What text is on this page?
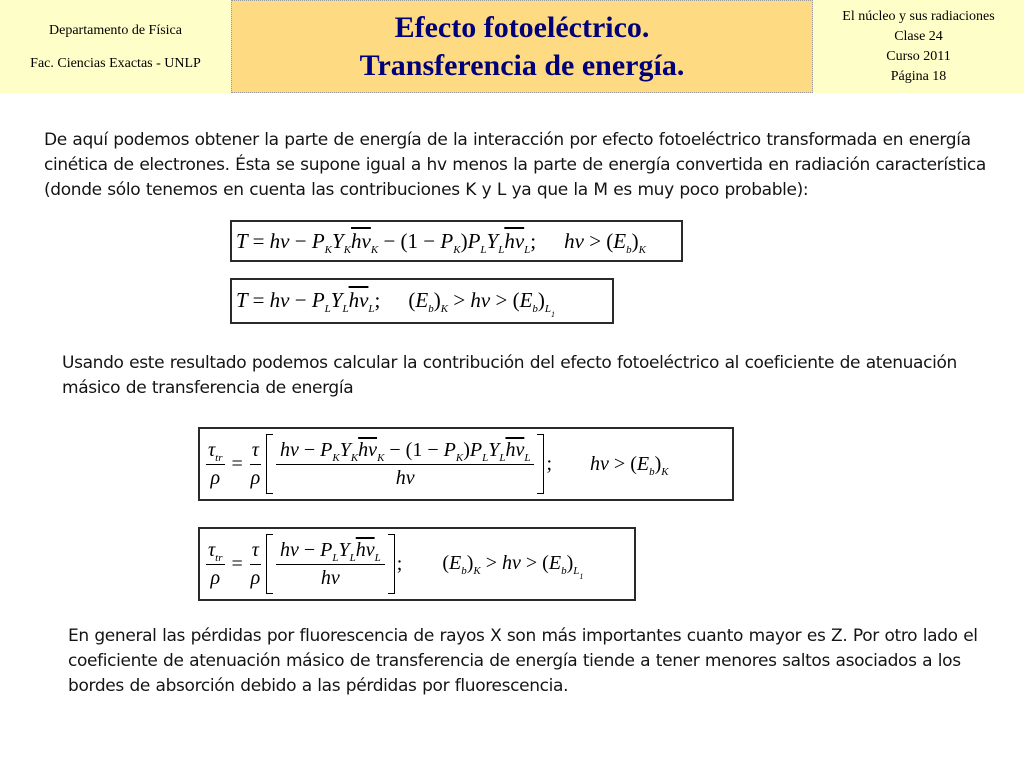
Departamento de Física
Fac. Ciencias Exactas - UNLP
Efecto fotoeléctrico.
Transferencia de energía.
El núcleo y sus radiaciones
Clase 24
Curso 2011
Página 18
De aquí podemos obtener la parte de energía de la interacción por efecto fotoeléctrico transformada en energía cinética de electrones. Ésta se supone igual a hv menos la parte de energía convertida en radiación característica (donde sólo tenemos en cuenta las contribuciones K y L ya que la M es muy poco probable):
T = hv − $P_KY_K\overline{hv}_K - (1 - P_K)P_LY_L\overline{hv}_L$; hv > $(E_b)_K$
T = hv − $P_LY_L\overline{hv}_L$; $(E_b)_K$ > hv > $(E_b)_{L_1}$
Usando este resultado podemos calcular la contribución del efecto fotoeléctrico al coeficiente de atenuación másico de transferencia de energía
$\frac{\tau_{tr}}{\rho} = \frac{\tau}{\rho} \frac{hv - P_KY_K\overline{hv}_K - (1 - P_K)P_LY_L\overline{hv}_L}{hv}$ ; hv > $(E_b)_K$
$\frac{\tau_{tr}}{\rho} = \frac{\tau}{\rho} \frac{hv - P_LY_L\overline{hv}_L}{hv}$ ; $(E_b)_K$ > hv > $(E_b)_{L_1}$
En general las pérdidas por fluorescencia de rayos X son más importantes cuanto mayor es Z. Por otro lado el coeficiente de atenuación másico de transferencia de energía tiende a tener menores saltos asociados a los bordes de absorción debido a las pérdidas por fluorescencia.
